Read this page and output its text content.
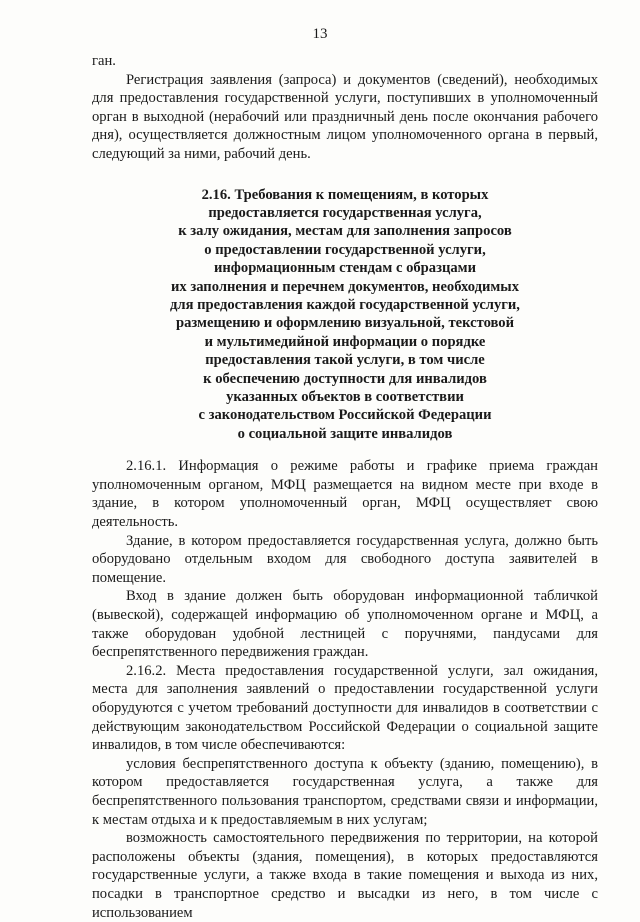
13

ган.

Регистрация заявления (запроса) и документов (сведений), необходимых для предоставления государственной услуги, поступивших в уполномоченный орган в выходной (нерабочий или праздничный день после окончания рабочего дня), осуществляется должностным лицом уполномоченного органа в первый, следующий за ними, рабочий день.

2.16. Требования к помещениям, в которых
предоставляется государственная услуга,
к залу ожидания, местам для заполнения запросов
о предоставлении государственной услуги,
информационным стендам с образцами
их заполнения и перечнем документов, необходимых
для предоставления каждой государственной услуги,
размещению и оформлению визуальной, текстовой
и мультимедийной информации о порядке
предоставления такой услуги, в том числе
к обеспечению доступности для инвалидов
указанных объектов в соответствии
с законодательством Российской Федерации
о социальной защите инвалидов

2.16.1. Информация о режиме работы и графике приема граждан уполномоченным органом, МФЦ размещается на видном месте при входе в здание, в котором уполномоченный орган, МФЦ осуществляет свою деятельность.

Здание, в котором предоставляется государственная услуга, должно быть оборудовано отдельным входом для свободного доступа заявителей в помещение.

Вход в здание должен быть оборудован информационной табличкой (вывеской), содержащей информацию об уполномоченном органе и МФЦ, а также оборудован удобной лестницей с поручнями, пандусами для беспрепятственного передвижения граждан.

2.16.2. Места предоставления государственной услуги, зал ожидания, места для заполнения заявлений о предоставлении государственной услуги оборудуются с учетом требований доступности для инвалидов в соответствии с действующим законодательством Российской Федерации о социальной защите инвалидов, в том числе обеспечиваются:

условия беспрепятственного доступа к объекту (зданию, помещению), в котором предоставляется государственная услуга, а также для беспрепятственного пользования транспортом, средствами связи и информации, к местам отдыха и к предоставляемым в них услугам;

возможность самостоятельного передвижения по территории, на которой расположены объекты (здания, помещения), в которых предоставляются государственные услуги, а также входа в такие помещения и выхода из них, посадки в транспортное средство и высадки из него, в том числе с использованием
